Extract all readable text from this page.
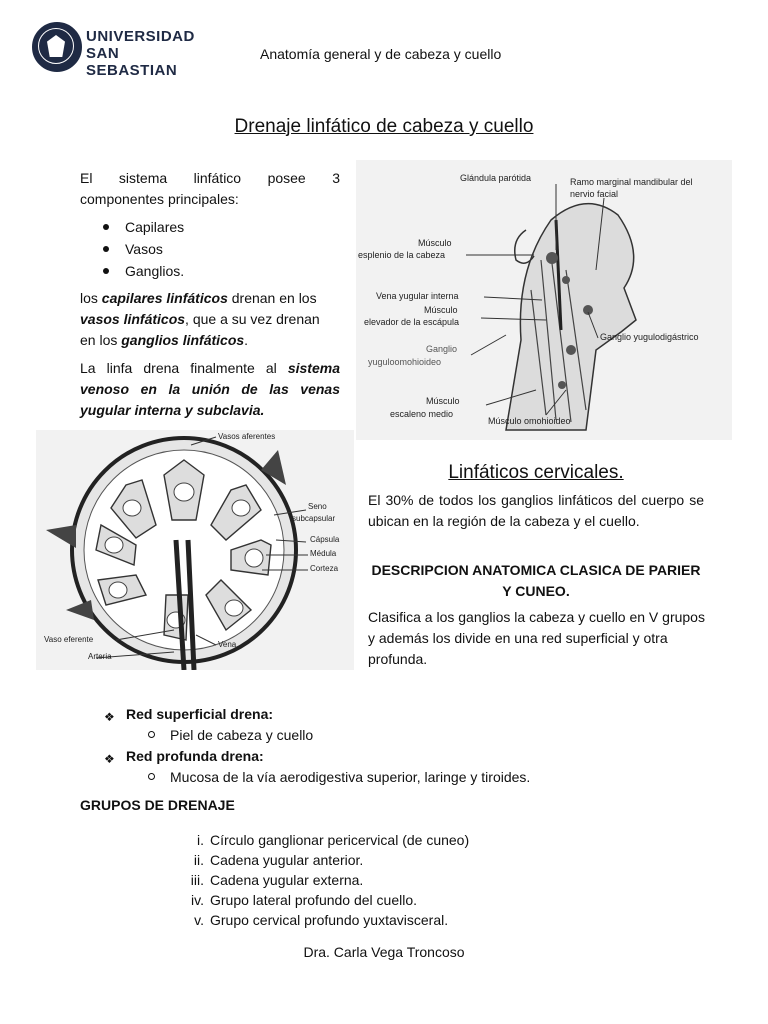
UNIVERSIDAD
SAN SEBASTIAN
Anatomía general y de cabeza y cuello
Drenaje linfático de cabeza y cuello
El sistema linfático posee 3
componentes principales:
Capilares
Vasos
Ganglios.
los capilares linfáticos drenan en los
vasos linfáticos, que a su vez drenan
en los ganglios linfáticos.
La linfa drena finalmente al sistema venoso en la unión de las venas yugular interna y subclavia.
Glándula parótida	Ramo marginal mandibular del
nervio facial
Músculo
esplenio de la cabeza
Vena yugular interna
Músculo
elevador de la escápula
Ganglio
yuguloomohioideo
Ganglio yugulodigástrico
Músculo
escaleno medio
Músculo omohioideo
Vasos aferentes
Seno
subcapsular
Cápsula
Médula
Corteza
Vaso eferente
Vena
Arteria
Linfáticos cervicales.
El 30% de todos los ganglios linfáticos del cuerpo se ubican en la región de la cabeza y el cuello.
DESCRIPCION ANATOMICA CLASICA DE PARIER Y CUNEO.
Clasifica a los ganglios la cabeza y cuello en V grupos y además los divide en una red superficial y otra profunda.
❖ Red superficial drena:
Piel de cabeza y cuello
❖ Red profunda drena:
Mucosa de la vía aerodigestiva superior, laringe y tiroides.
GRUPOS DE DRENAJE
i. Círculo ganglionar pericervical (de cuneo)
ii. Cadena yugular anterior.
iii. Cadena yugular externa.
iv. Grupo lateral profundo del cuello.
v. Grupo cervical profundo yuxtavisceral.
Dra. Carla Vega Troncoso
